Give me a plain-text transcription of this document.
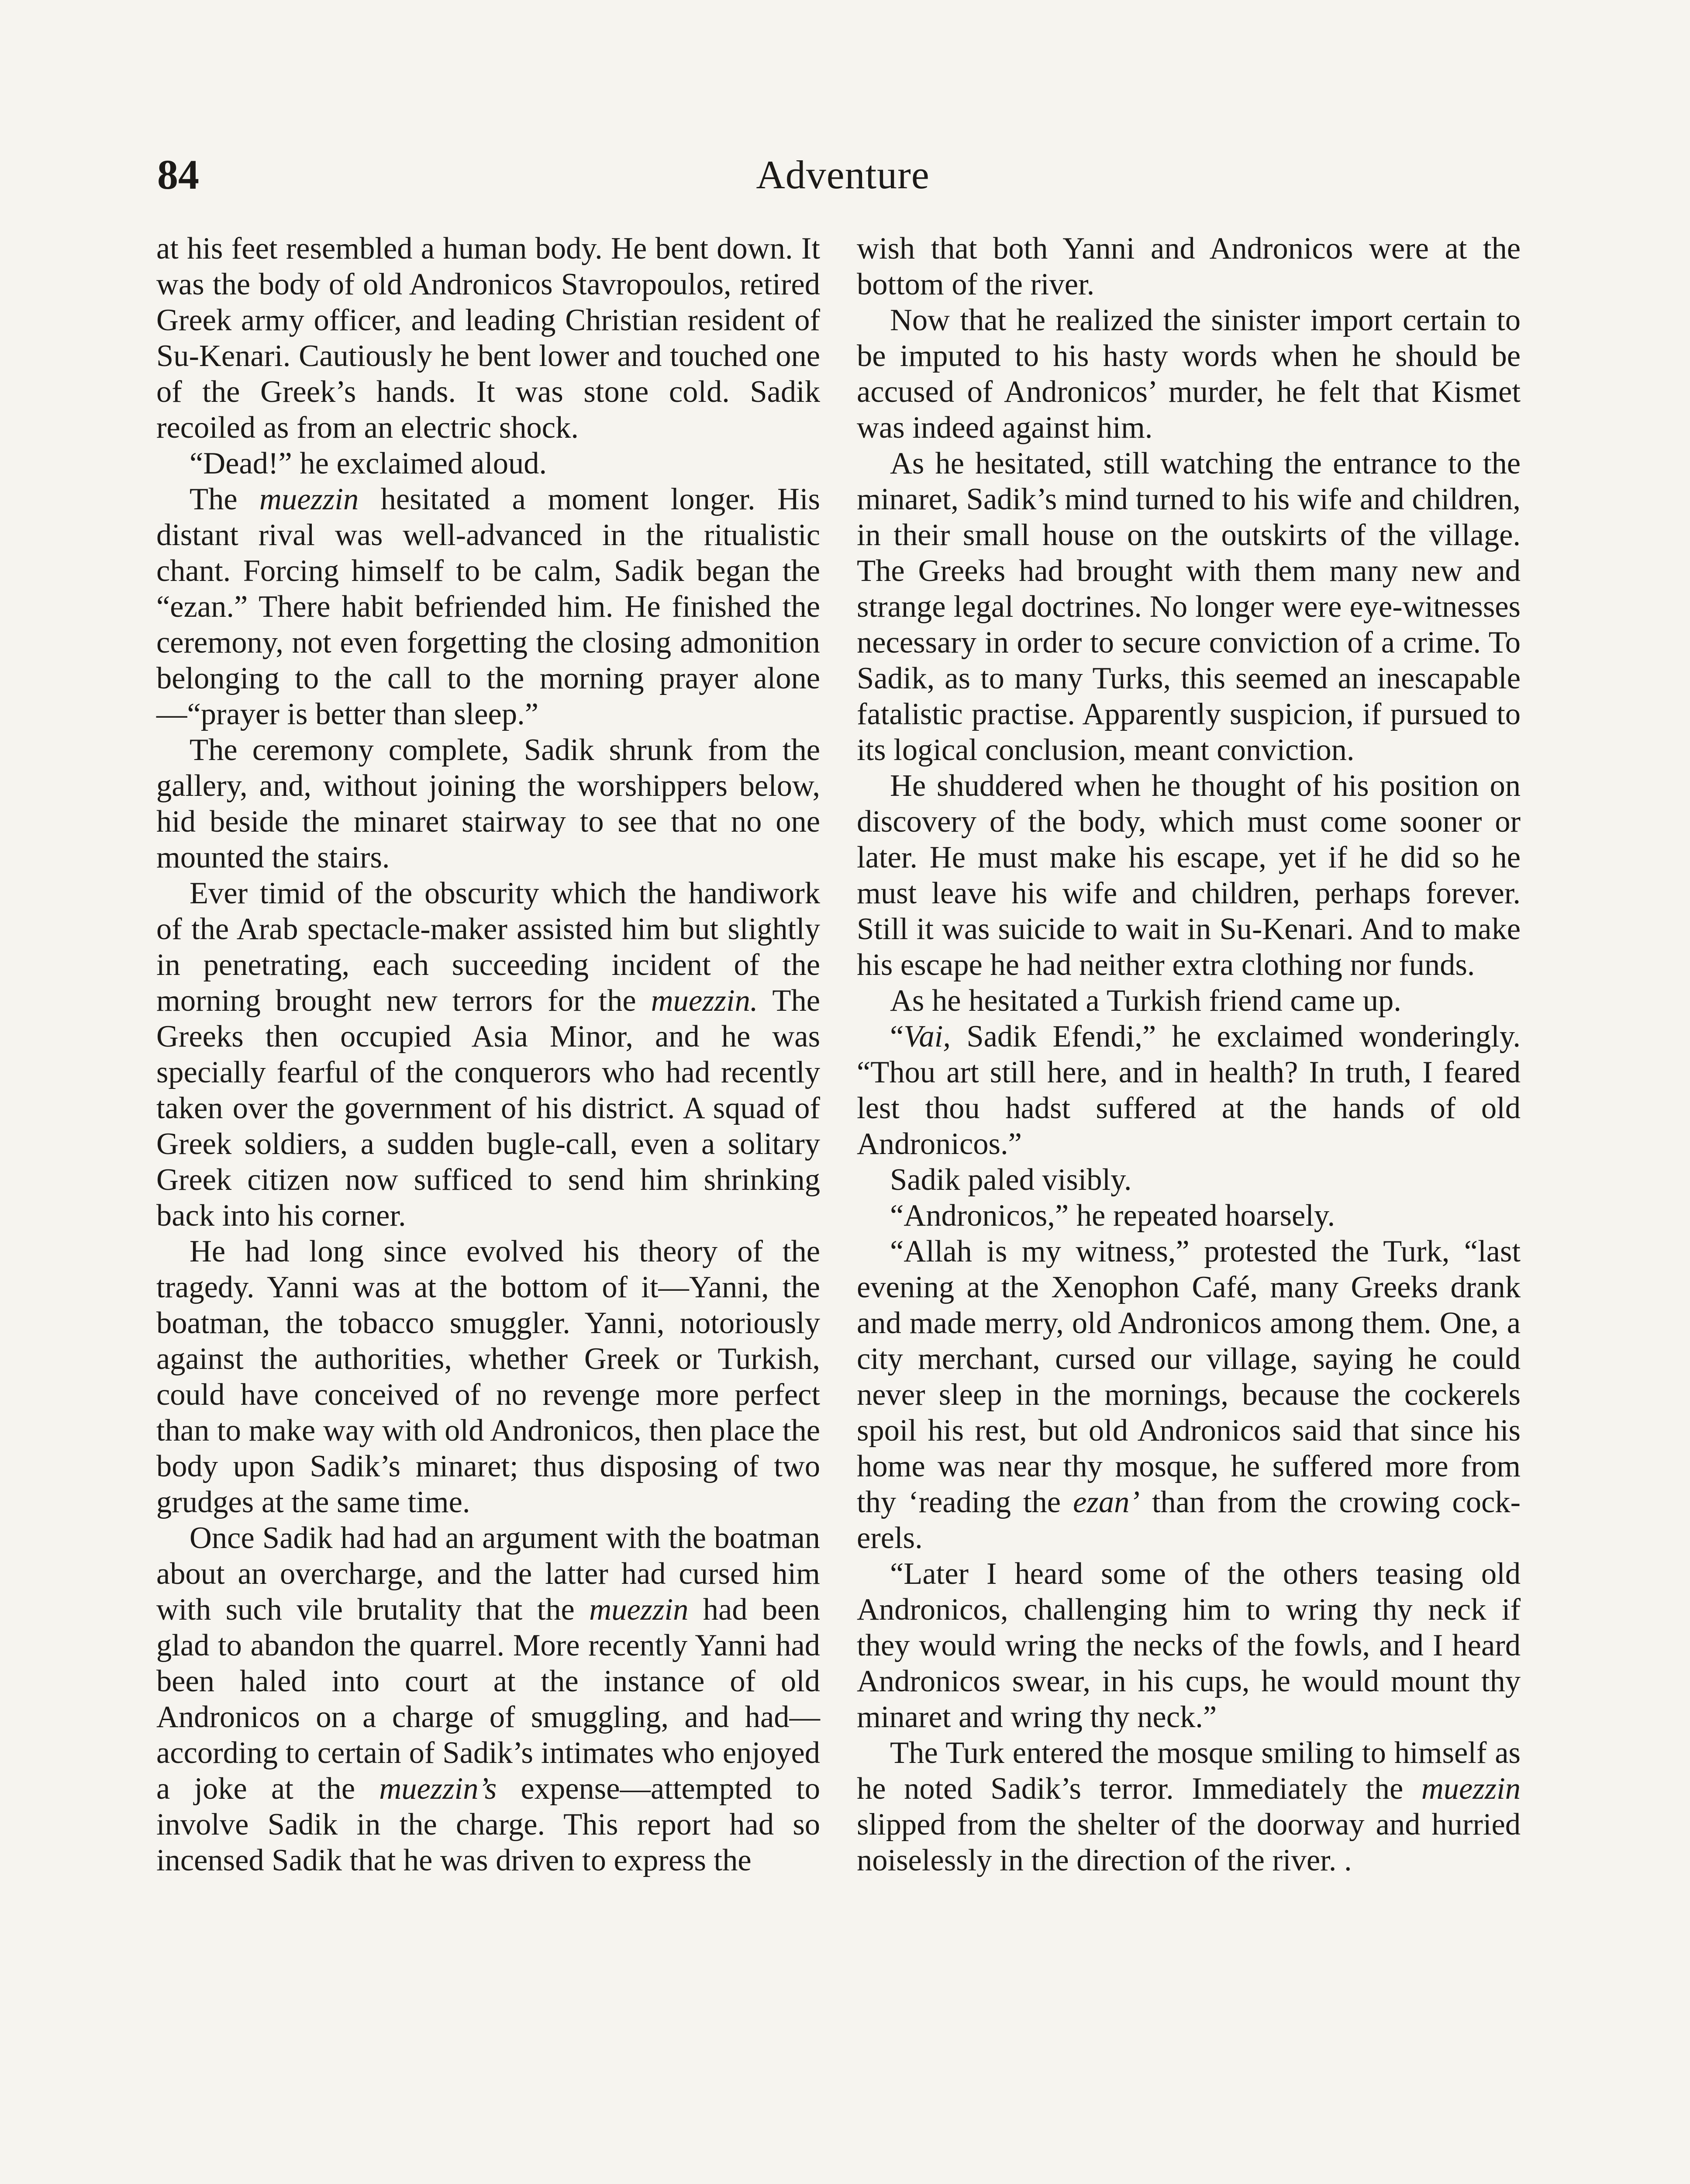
84	Adventure

at his feet resembled a human body. He bent down. It was the body of old Andronicos Stavropoulos, retired Greek army officer, and leading Christian resident of Su-Kenari. Cautiously he bent lower and touched one of the Greek’s hands. It was stone cold. Sadik recoiled as from an electric shock.

“Dead!” he exclaimed aloud.

The muezzin hesitated a moment longer. His distant rival was well-advanced in the ritualistic chant. Forcing himself to be calm, Sadik began the “ezan.” There habit befriended him. He finished the ceremony, not even forgetting the closing admonition belonging to the call to the morning prayer alone—“prayer is better than sleep.”

The ceremony complete, Sadik shrunk from the gallery, and, without joining the worshippers below, hid beside the minaret stairway to see that no one mounted the stairs.

Ever timid of the obscurity which the handiwork of the Arab spectacle-maker assisted him but slightly in penetrating, each succeeding incident of the morning brought new terrors for the muezzin. The Greeks then occupied Asia Minor, and he was specially fearful of the conquerors who had recently taken over the government of his district. A squad of Greek soldiers, a sudden bugle-call, even a solitary Greek citizen now sufficed to send him shrinking back into his corner.

He had long since evolved his theory of the tragedy. Yanni was at the bottom of it—Yanni, the boatman, the tobacco smuggler. Yanni, notoriously against the authorities, whether Greek or Turkish, could have conceived of no revenge more perfect than to make way with old Andronicos, then place the body upon Sadik’s minaret; thus disposing of two grudges at the same time.

Once Sadik had had an argument with the boatman about an overcharge, and the latter had cursed him with such vile brutality that the muezzin had been glad to abandon the quarrel. More recently Yanni had been haled into court at the instance of old Andronicos on a charge of smuggling, and had—according to certain of Sadik’s intimates who enjoyed a joke at the muezzin’s expense—attempted to involve Sadik in the charge. This report had so incensed Sadik that he was driven to express the

wish that both Yanni and Andronicos were at the bottom of the river.

Now that he realized the sinister import certain to be imputed to his hasty words when he should be accused of Andronicos’ murder, he felt that Kismet was indeed against him.

As he hesitated, still watching the entrance to the minaret, Sadik’s mind turned to his wife and children, in their small house on the outskirts of the village. The Greeks had brought with them many new and strange legal doctrines. No longer were eye-witnesses necessary in order to secure conviction of a crime. To Sadik, as to many Turks, this seemed an inescapable fatalistic practise. Apparently suspicion, if pursued to its logical conclusion, meant conviction.

He shuddered when he thought of his position on discovery of the body, which must come sooner or later. He must make his escape, yet if he did so he must leave his wife and children, perhaps forever. Still it was suicide to wait in Su-Kenari. And to make his escape he had neither extra clothing nor funds.

As he hesitated a Turkish friend came up.

“Vai, Sadik Efendi,” he exclaimed wonderingly. “Thou art still here, and in health? In truth, I feared lest thou hadst suffered at the hands of old Andronicos.”

Sadik paled visibly.

“Andronicos,” he repeated hoarsely.

“Allah is my witness,” protested the Turk, “last evening at the Xenophon Café, many Greeks drank and made merry, old Andronicos among them. One, a city merchant, cursed our village, saying he could never sleep in the mornings, because the cockerels spoil his rest, but old Andronicos said that since his home was near thy mosque, he suffered more from thy ‘reading the ezan’ than from the crowing cockerels.

“Later I heard some of the others teasing old Andronicos, challenging him to wring thy neck if they would wring the necks of the fowls, and I heard Andronicos swear, in his cups, he would mount thy minaret and wring thy neck.”

The Turk entered the mosque smiling to himself as he noted Sadik’s terror. Immediately the muezzin slipped from the shelter of the doorway and hurried noiselessly in the direction of the river. .
